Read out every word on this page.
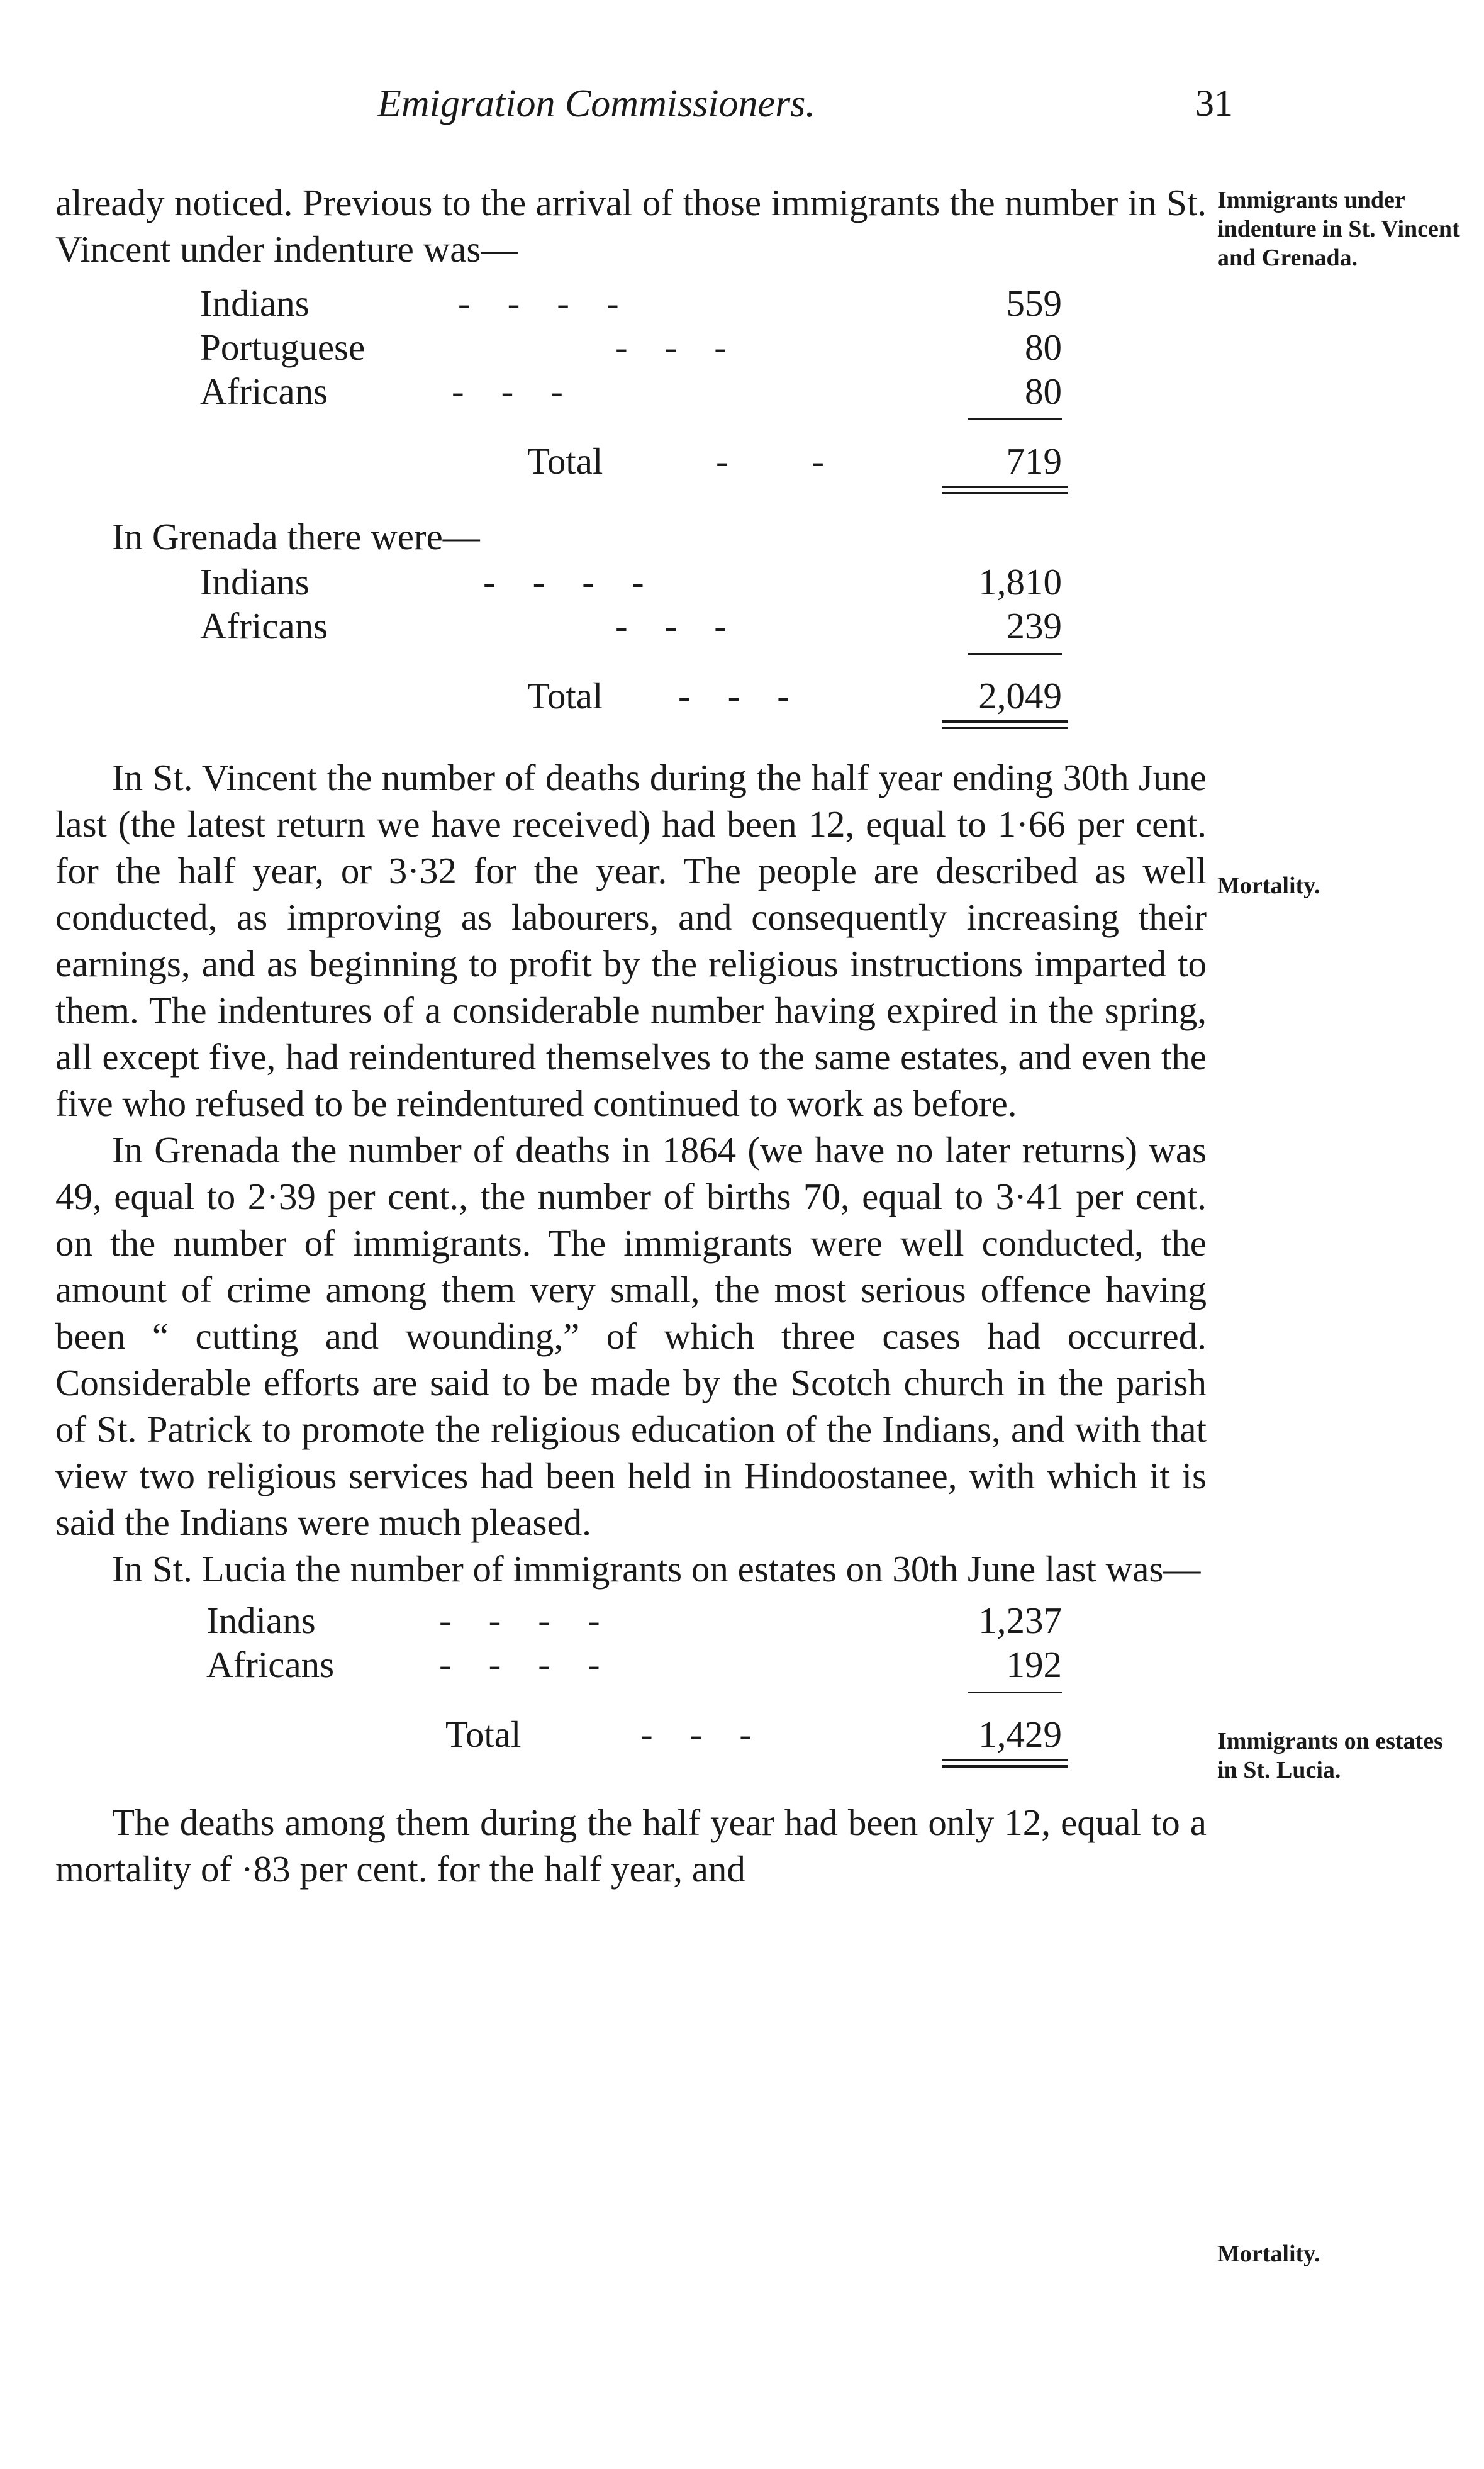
Emigration Commissioners.	31
Immigrants under indenture in St. Vincent and Grenada.
Mortality.
Immigrants on estates in St. Lucia.
Mortality.

already noticed. Previous to the arrival of those immigrants the number in St. Vincent under indenture was—

Indians	-    -    -    -	559
Portuguese	-    -    -	80
Africans	-    -    -	80
Total	-         -	719

In Grenada there were—

Indians	-    -    -    -	1,810
Africans	-    -    -	239
Total -    -    -	2,049

In St. Vincent the number of deaths during the half year ending 30th June last (the latest return we have received) had been 12, equal to 1·66 per cent. for the half year, or 3·32 for the year. The people are described as well conducted, as improving as labourers, and consequently increasing their earnings, and as beginning to profit by the religious instructions imparted to them. The indentures of a considerable number having expired in the spring, all except five, had reindentured themselves to the same estates, and even the five who refused to be reindentured continued to work as before.

In Grenada the number of deaths in 1864 (we have no later returns) was 49, equal to 2·39 per cent., the number of births 70, equal to 3·41 per cent. on the number of immigrants. The immigrants were well conducted, the amount of crime among them very small, the most serious offence having been “ cutting and wounding,” of which three cases had occurred. Considerable efforts are said to be made by the Scotch church in the parish of St. Patrick to promote the religious education of the Indians, and with that view two religious services had been held in Hindoostanee, with which it is said the Indians were much pleased.

In St. Lucia the number of immigrants on estates on 30th June last was—

Indians	-    -    -    -	1,237
Africans	-    -    -    -	192
Total	-    -    -	1,429

The deaths among them during the half year had been only 12, equal to a mortality of ·83 per cent. for the half year, and
